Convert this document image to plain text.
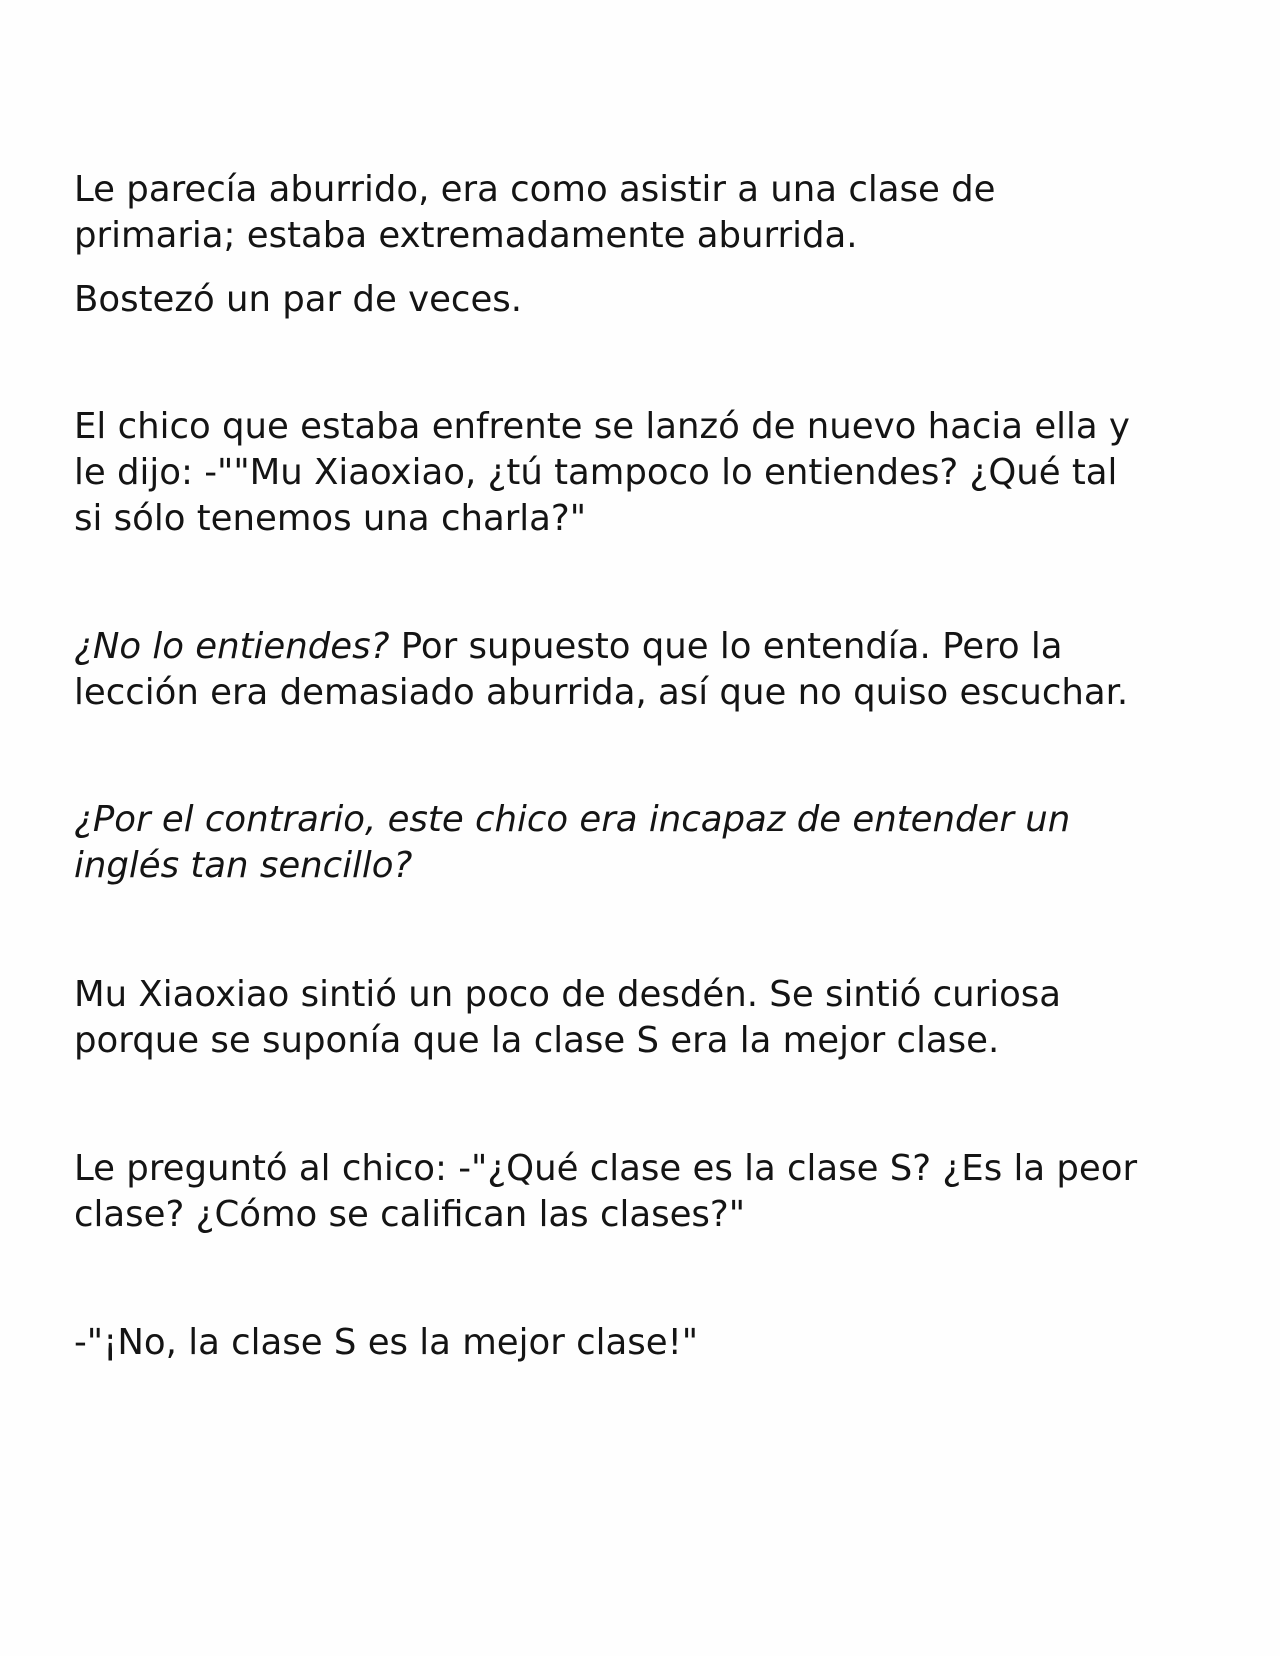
Le parecía aburrido, era como asistir a una clase de
primaria; estaba extremadamente aburrida.

Bostezó un par de veces.

El chico que estaba enfrente se lanzó de nuevo hacia ella y
le dijo: -""Mu Xiaoxiao, ¿tú tampoco lo entiendes? ¿Qué tal
si sólo tenemos una charla?"

¿No lo entiendes? Por supuesto que lo entendía. Pero la
lección era demasiado aburrida, así que no quiso escuchar.

¿Por el contrario, este chico era incapaz de entender un
inglés tan sencillo?

Mu Xiaoxiao sintió un poco de desdén. Se sintió curiosa
porque se suponía que la clase S era la mejor clase.

Le preguntó al chico: -"¿Qué clase es la clase S? ¿Es la peor
clase? ¿Cómo se califican las clases?"

-"¡No, la clase S es la mejor clase!"
